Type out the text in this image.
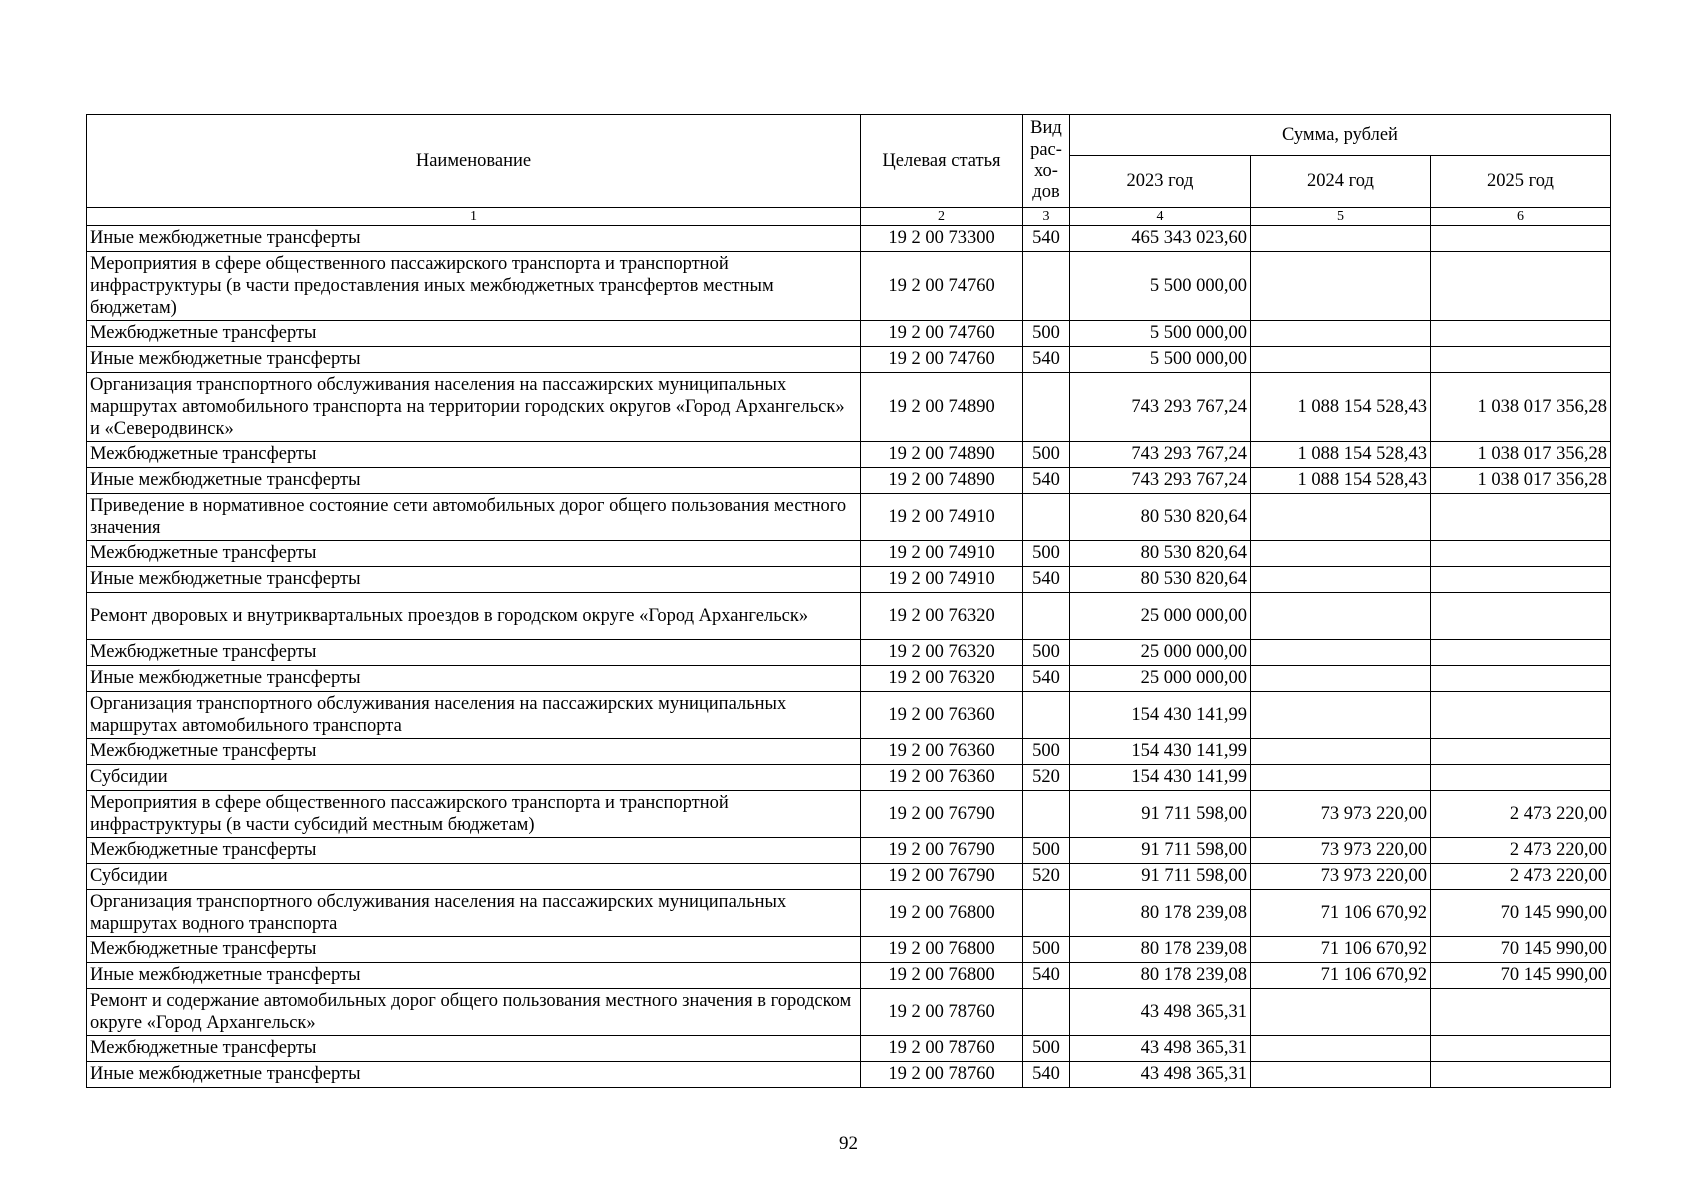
Наименование	Целевая статья	Вид рас- хо- дов	Сумма, рублей		
			2023 год	2024 год	2025 год
1	2	3	4	5	6
Иные межбюджетные трансферты	19 2 00 73300	540	465 343 023,60		
Мероприятия в сфере общественного пассажирского транспорта и транспортной инфраструктуры (в части предоставления иных межбюджетных трансфертов местным бюджетам)	19 2 00 74760		5 500 000,00		
Межбюджетные трансферты	19 2 00 74760	500	5 500 000,00		
Иные межбюджетные трансферты	19 2 00 74760	540	5 500 000,00		
Организация транспортного обслуживания населения на пассажирских муниципальных маршрутах автомобильного транспорта на территории городских округов «Город Архангельск» и «Северодвинск»	19 2 00 74890		743 293 767,24	1 088 154 528,43	1 038 017 356,28
Межбюджетные трансферты	19 2 00 74890	500	743 293 767,24	1 088 154 528,43	1 038 017 356,28
Иные межбюджетные трансферты	19 2 00 74890	540	743 293 767,24	1 088 154 528,43	1 038 017 356,28
Приведение в нормативное состояние сети автомобильных дорог общего пользования местного значения	19 2 00 74910		80 530 820,64		
Межбюджетные трансферты	19 2 00 74910	500	80 530 820,64		
Иные межбюджетные трансферты	19 2 00 74910	540	80 530 820,64		
Ремонт дворовых и внутриквартальных проездов в городском округе «Город Архангельск»	19 2 00 76320		25 000 000,00		
Межбюджетные трансферты	19 2 00 76320	500	25 000 000,00		
Иные межбюджетные трансферты	19 2 00 76320	540	25 000 000,00		
Организация транспортного обслуживания населения на пассажирских муниципальных маршрутах автомобильного транспорта	19 2 00 76360		154 430 141,99		
Межбюджетные трансферты	19 2 00 76360	500	154 430 141,99		
Субсидии	19 2 00 76360	520	154 430 141,99		
Мероприятия в сфере общественного пассажирского транспорта и транспортной инфраструктуры (в части субсидий местным бюджетам)	19 2 00 76790		91 711 598,00	73 973 220,00	2 473 220,00
Межбюджетные трансферты	19 2 00 76790	500	91 711 598,00	73 973 220,00	2 473 220,00
Субсидии	19 2 00 76790	520	91 711 598,00	73 973 220,00	2 473 220,00
Организация транспортного обслуживания населения на пассажирских муниципальных маршрутах водного транспорта	19 2 00 76800		80 178 239,08	71 106 670,92	70 145 990,00
Межбюджетные трансферты	19 2 00 76800	500	80 178 239,08	71 106 670,92	70 145 990,00
Иные межбюджетные трансферты	19 2 00 76800	540	80 178 239,08	71 106 670,92	70 145 990,00
Ремонт и содержание автомобильных дорог общего пользования местного значения в городском округе «Город Архангельск»	19 2 00 78760		43 498 365,31		
Межбюджетные трансферты	19 2 00 78760	500	43 498 365,31		
Иные межбюджетные трансферты	19 2 00 78760	540	43 498 365,31		
92
